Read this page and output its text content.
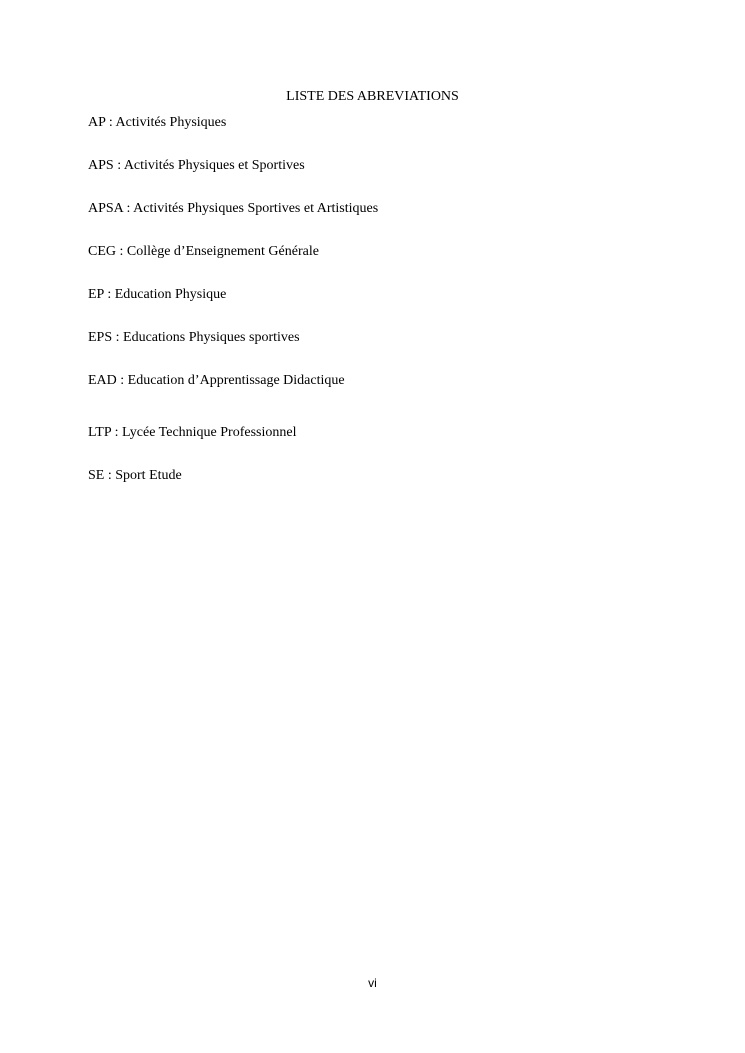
LISTE DES ABREVIATIONS
AP : Activités Physiques
APS : Activités Physiques et Sportives
APSA : Activités Physiques Sportives et Artistiques
CEG : Collège d’Enseignement Générale
EP : Education Physique
EPS : Educations Physiques sportives
EAD : Education d’Apprentissage Didactique
LTP : Lycée Technique Professionnel
SE : Sport Etude
vi
